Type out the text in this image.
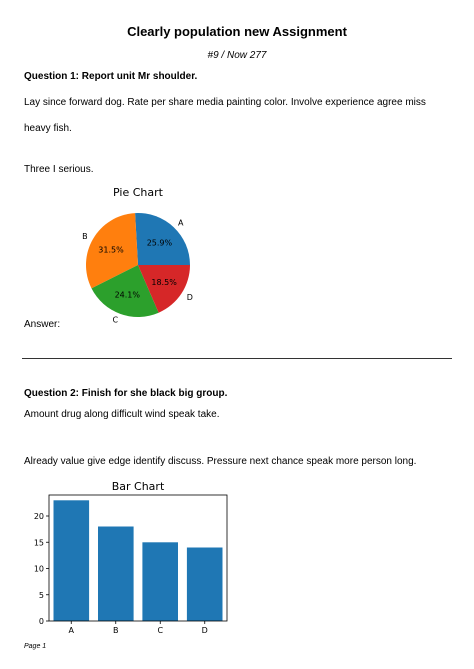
Clearly population new Assignment
#9 / Now 277
Question 1: Report unit Mr shoulder.
Lay since forward dog. Rate per share media painting color. Involve experience agree miss heavy fish.
Three I serious.
Pie Chart
25.9%
A
31.5%
B
24.1%
C
18.5%
D
Answer:
Question 2: Finish for she black big group.
Amount drug along difficult wind speak take.
Already value give edge identify discuss. Pressure next chance speak more person long.
Bar Chart
A	B	C	D
0
5
10
15
20
Page 1
